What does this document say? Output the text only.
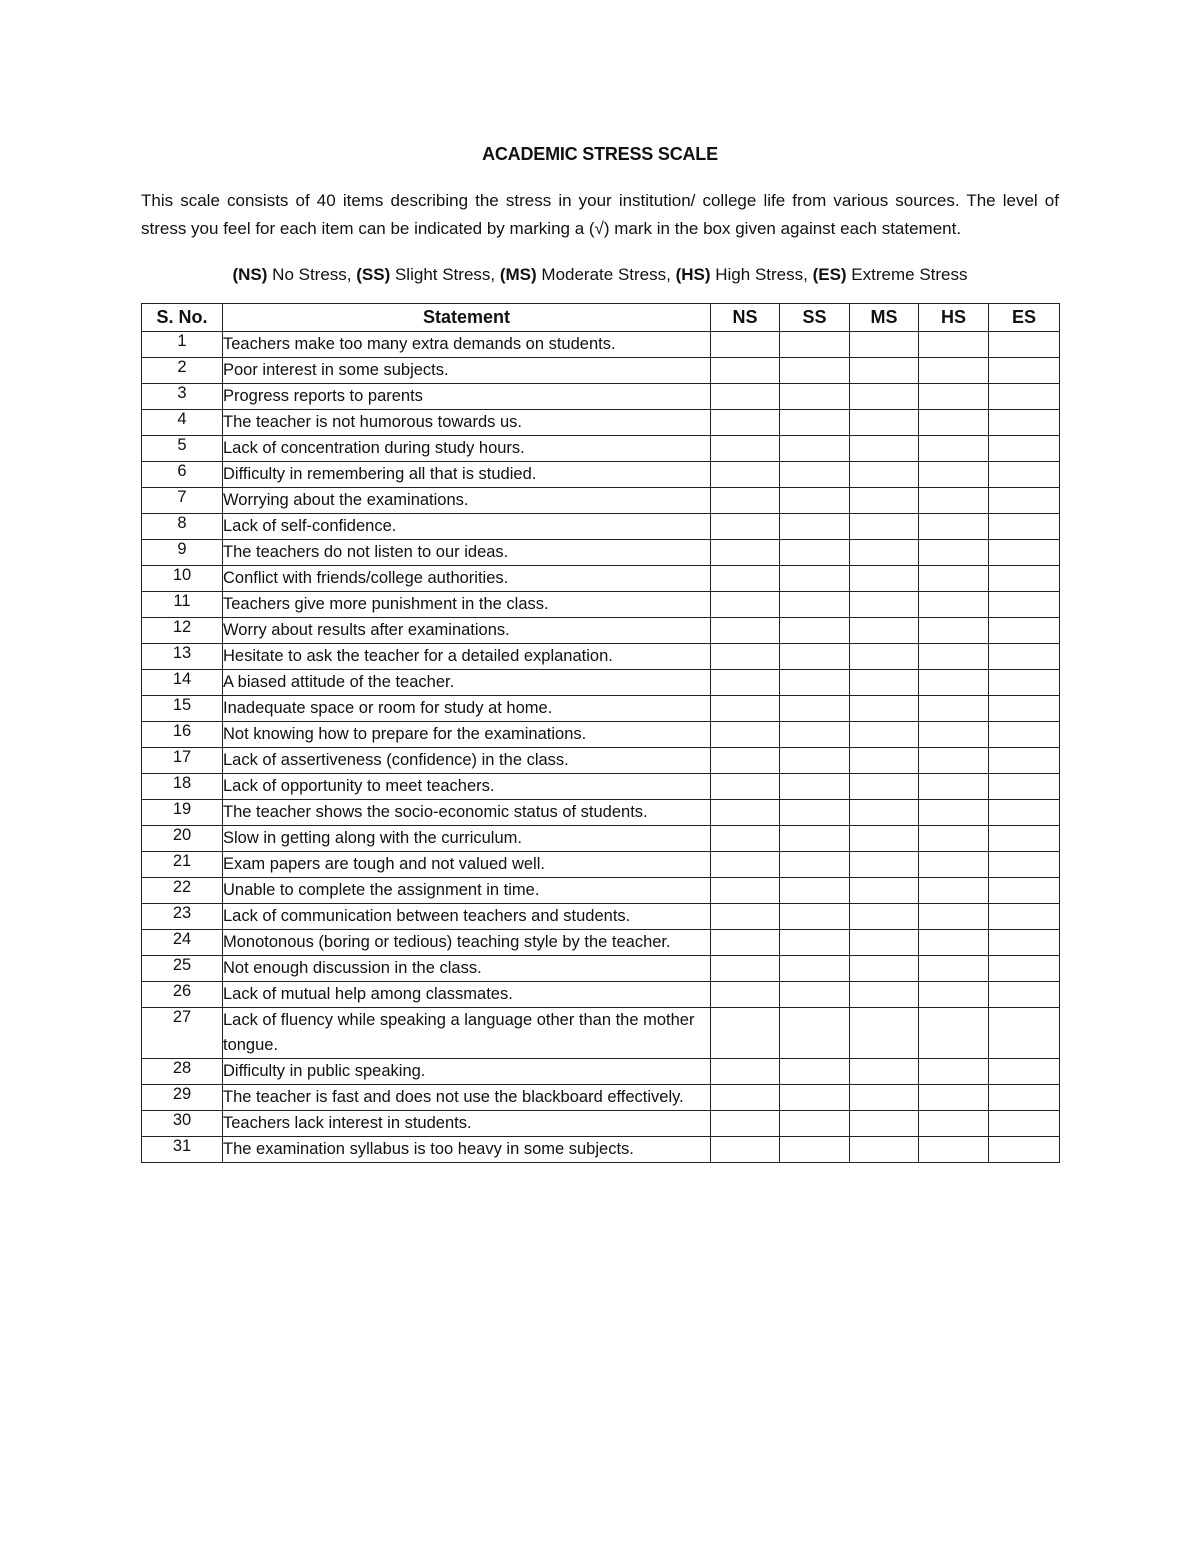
ACADEMIC STRESS SCALE

This scale consists of 40 items describing the stress in your institution/ college life from various sources. The level of stress you feel for each item can be indicated by marking a (√) mark in the box given against each statement.

(NS) No Stress, (SS) Slight Stress, (MS) Moderate Stress, (HS) High Stress, (ES) Extreme Stress
S. No.	Statement	NS	SS	MS	HS	ES
1	Teachers make too many extra demands on students.					
2	Poor interest in some subjects.					
3	Progress reports to parents					
4	The teacher is not humorous towards us.					
5	Lack of concentration during study hours.					
6	Difficulty in remembering all that is studied.					
7	Worrying about the examinations.					
8	Lack of self-confidence.					
9	The teachers do not listen to our ideas.					
10	Conflict with friends/college authorities.					
11	Teachers give more punishment in the class.					
12	Worry about results after examinations.					
13	Hesitate to ask the teacher for a detailed explanation.					
14	A biased attitude of the teacher.					
15	Inadequate space or room for study at home.					
16	Not knowing how to prepare for the examinations.					
17	Lack of assertiveness (confidence) in the class.					
18	Lack of opportunity to meet teachers.					
19	The teacher shows the socio-economic status of students.					
20	Slow in getting along with the curriculum.					
21	Exam papers are tough and not valued well.					
22	Unable to complete the assignment in time.					
23	Lack of communication between teachers and students.					
24	Monotonous (boring or tedious) teaching style by the teacher.					
25	Not enough discussion in the class.					
26	Lack of mutual help among classmates.					
27	Lack of fluency while speaking a language other than the mother tongue.					
28	Difficulty in public speaking.					
29	The teacher is fast and does not use the blackboard effectively.					
30	Teachers lack interest in students.					
31	The examination syllabus is too heavy in some subjects.					
